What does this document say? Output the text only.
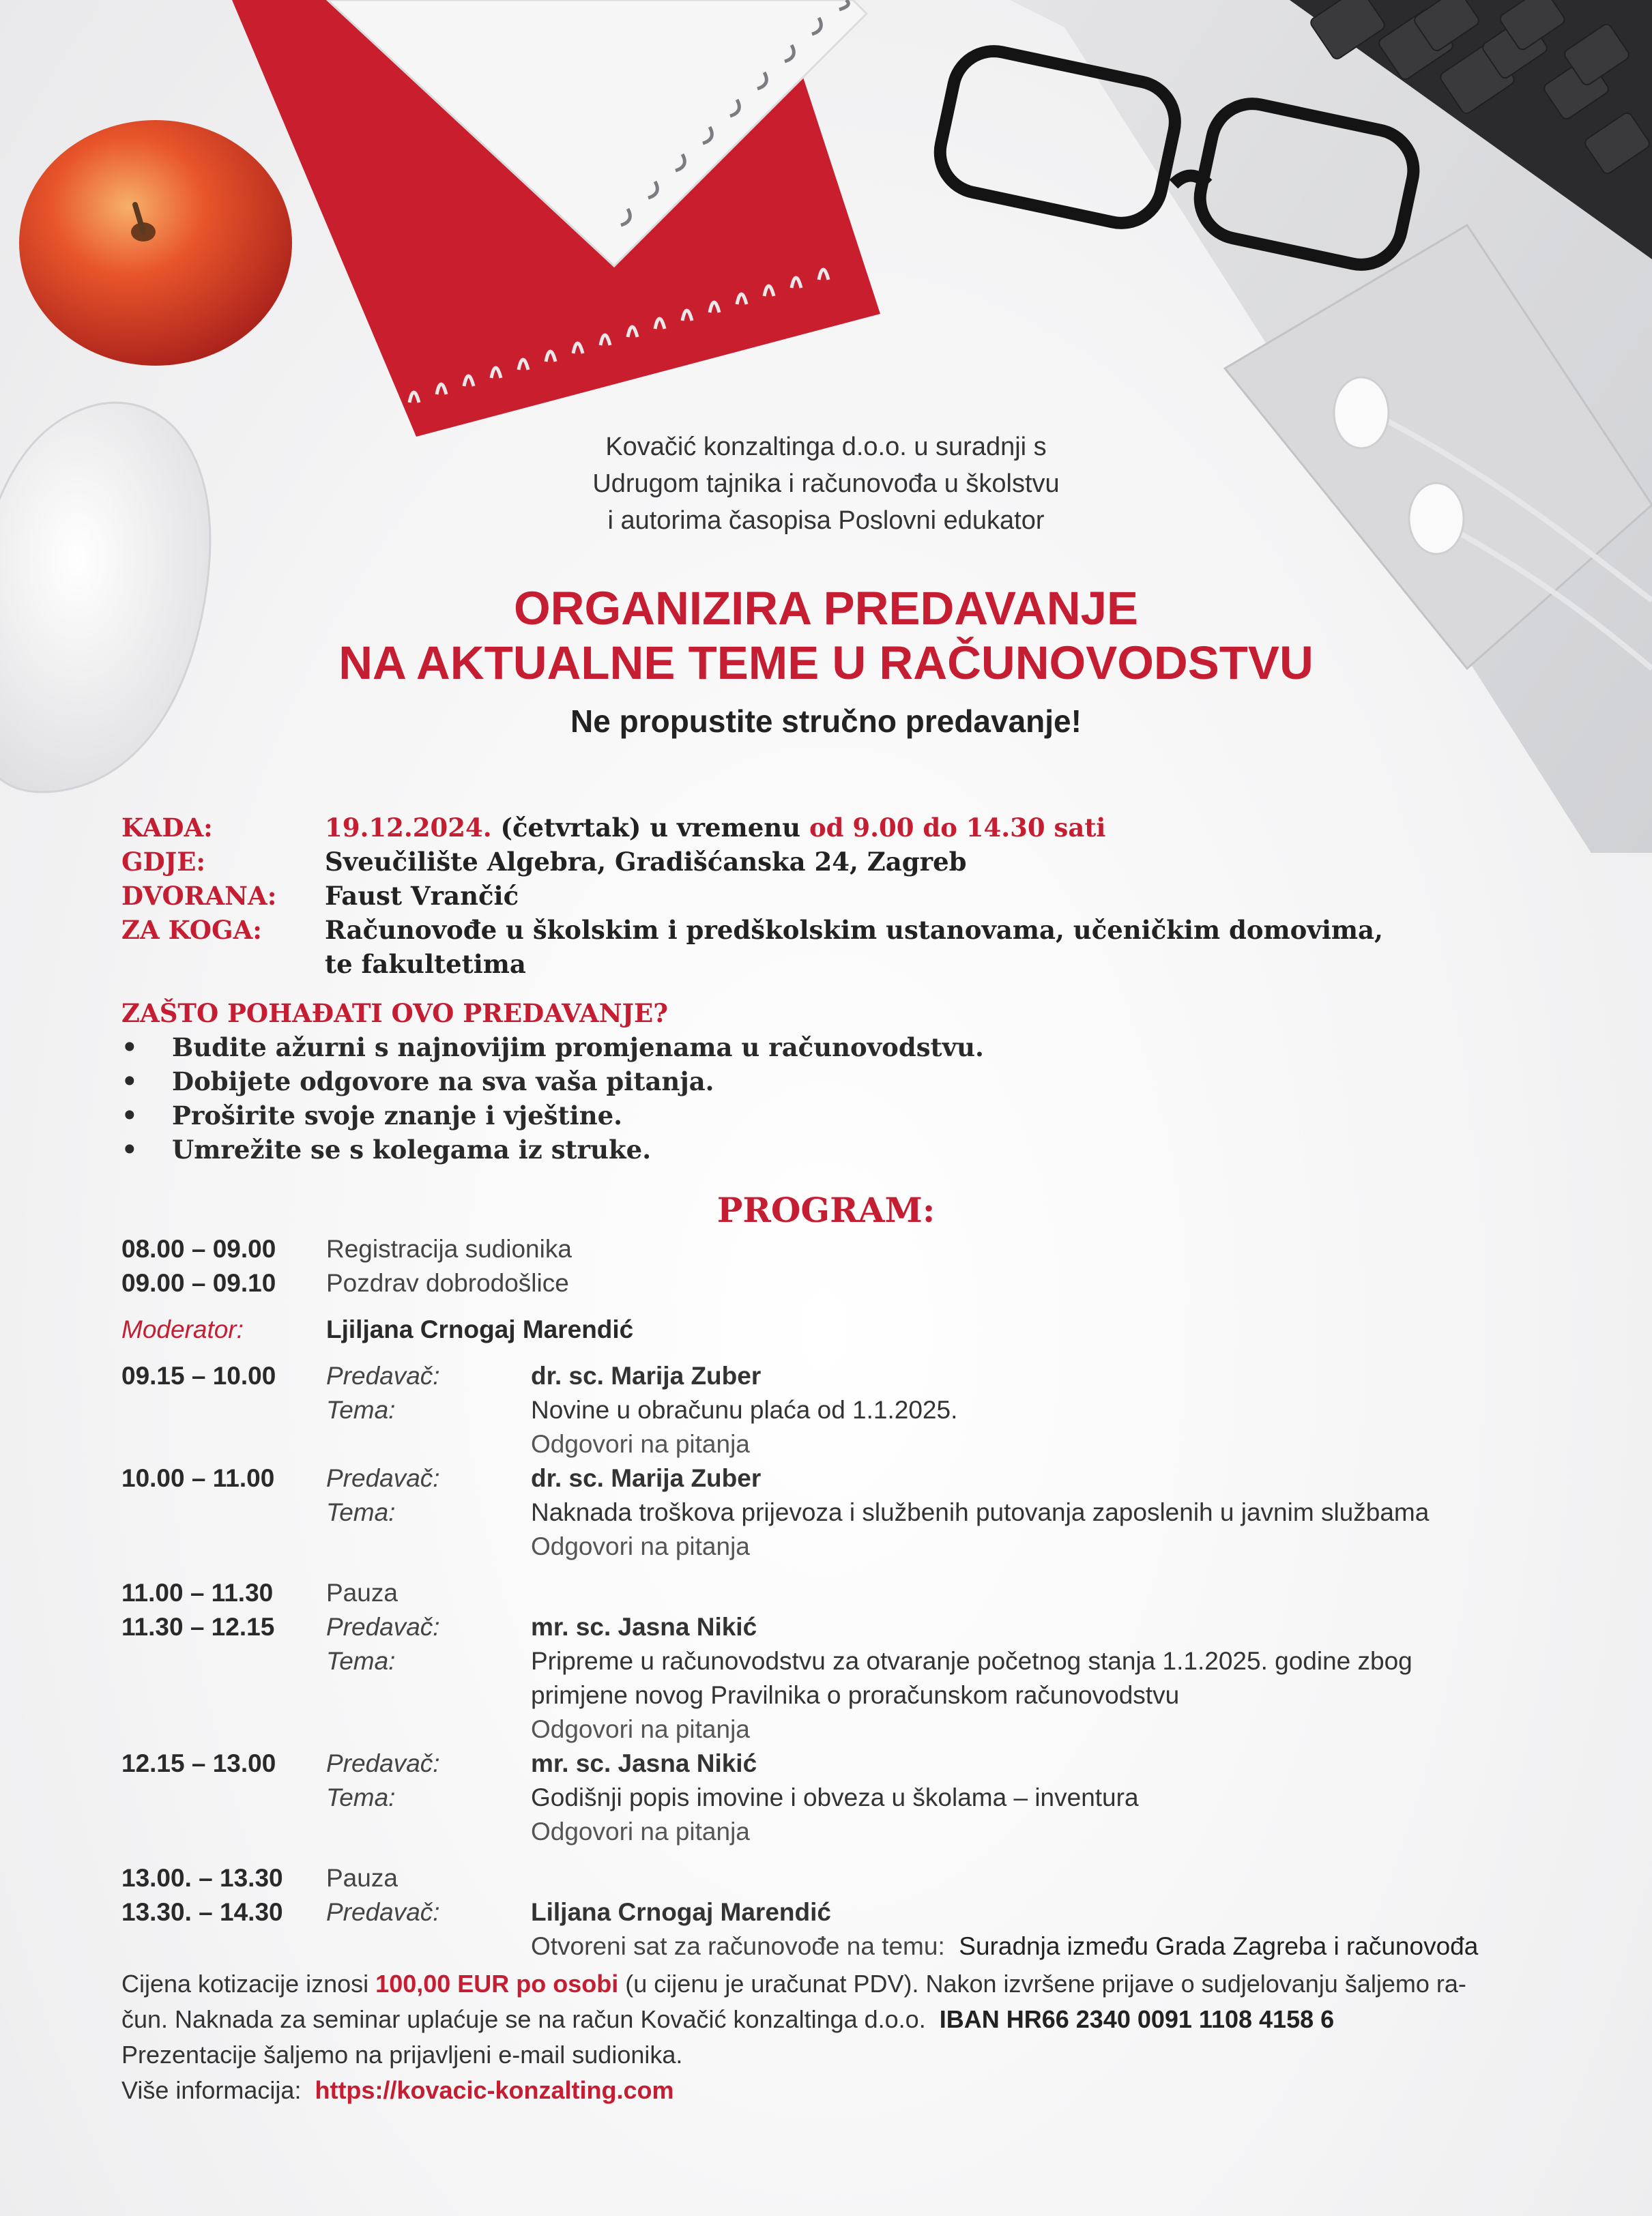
Kovačić konzaltinga d.o.o. u suradnji s
Udrugom tajnika i računovođa u školstvu
i autorima časopisa Poslovni edukator
ORGANIZIRA PREDAVANJE
NA AKTUALNE TEME U RAČUNOVODSTVU
Ne propustite stručno predavanje!
KADA:	19.12.2024. (četvrtak) u vremenu od 9.00 do 14.30 sati
GDJE:	Sveučilište Algebra, Gradišćanska 24, Zagreb
DVORANA:	Faust Vrančić
ZA KOGA:	Računovođe u školskim i predškolskim ustanovama, učeničkim domovima,
te fakultetima
ZAŠTO POHAĐATI OVO PREDAVANJE?
•	Budite ažurni s najnovijim promjenama u računovodstvu.
•	Dobijete odgovore na sva vaša pitanja.
•	Proširite svoje znanje i vještine.
•	Umrežite se s kolegama iz struke.
PROGRAM:
08.00 – 09.00	Registracija sudionika
09.00 – 09.10	Pozdrav dobrodošlice
Moderator:	Ljiljana Crnogaj Marendić
09.15 – 10.00	Predavač:	dr. sc. Marija Zuber
Tema:	Novine u obračunu plaća od 1.1.2025.
Odgovori na pitanja
10.00 – 11.00	Predavač:	dr. sc. Marija Zuber
Tema:	Naknada troškova prijevoza i službenih putovanja zaposlenih u javnim službama
Odgovori na pitanja
11.00 – 11.30	Pauza
11.30 – 12.15	Predavač:	mr. sc. Jasna Nikić
Tema:	Pripreme u računovodstvu za otvaranje početnog stanja 1.1.2025. godine zbog
primjene novog Pravilnika o proračunskom računovodstvu
Odgovori na pitanja
12.15 – 13.00	Predavač:	mr. sc. Jasna Nikić
Tema:	Godišnji popis imovine i obveza u školama – inventura
Odgovori na pitanja
13.00. – 13.30	Pauza
13.30. – 14.30	Predavač:	Liljana Crnogaj Marendić
Otvoreni sat za računovođe na temu: Suradnja između Grada Zagreba i računovođa
Cijena kotizacije iznosi 100,00 EUR po osobi (u cijenu je uračunat PDV). Nakon izvršene prijave o sudjelovanju šaljemo ra-
čun. Naknada za seminar uplaćuje se na račun Kovačić konzaltinga d.o.o. IBAN HR66 2340 0091 1108 4158 6
Prezentacije šaljemo na prijavljeni e-mail sudionika.
Više informacija: https://kovacic-konzalting.com
